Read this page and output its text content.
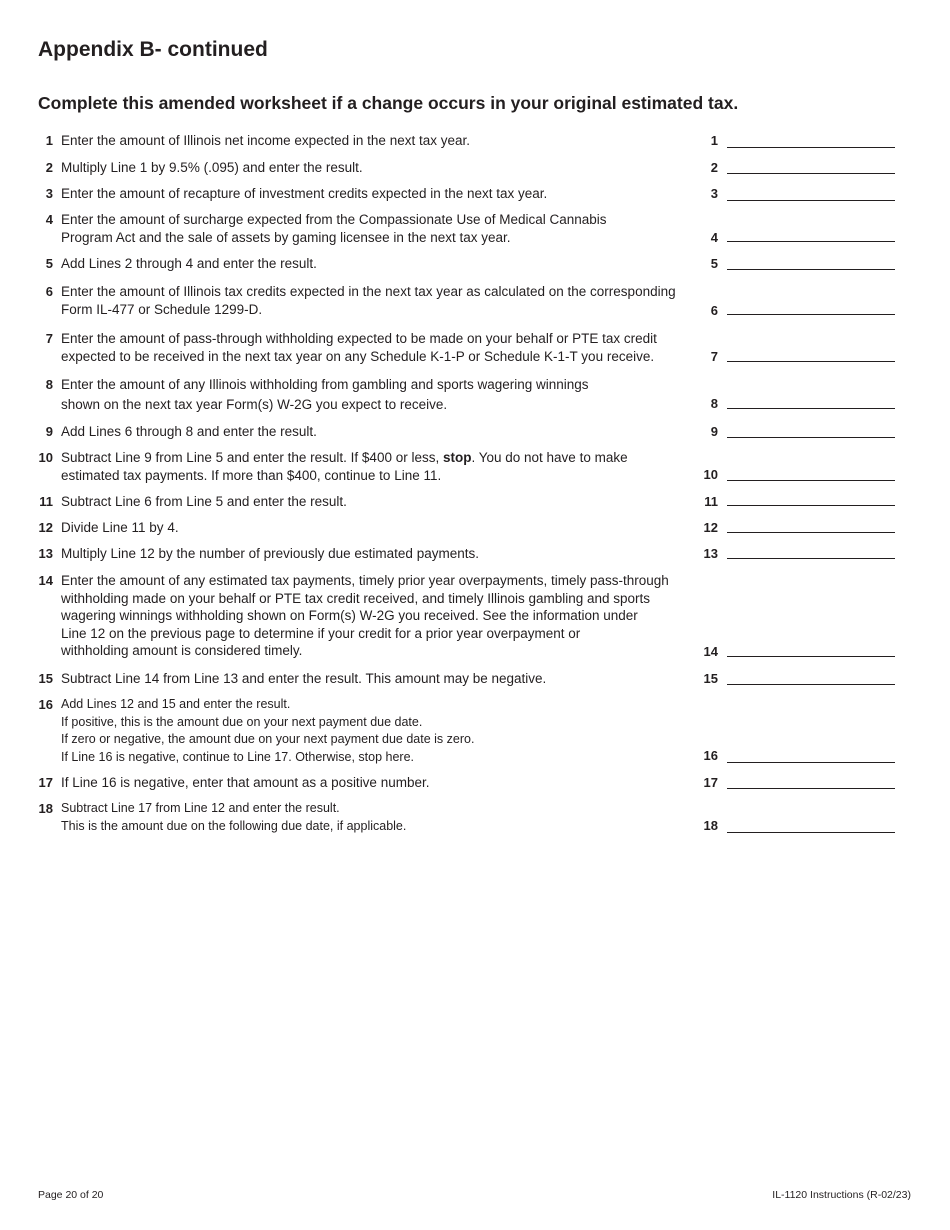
Appendix B- continued
Complete this amended worksheet if a change occurs in your original estimated tax.
1 Enter the amount of Illinois net income expected in the next tax year.	1
2 Multiply Line 1 by 9.5% (.095) and enter the result.	2
3 Enter the amount of recapture of investment credits expected in the next tax year.	3
4 Enter the amount of surcharge expected from the Compassionate Use of Medical Cannabis
Program Act and the sale of assets by gaming licensee in the next tax year.	4
5 Add Lines 2 through 4 and enter the result.	5
6 Enter the amount of Illinois tax credits expected in the next tax year as calculated on the corresponding
Form IL-477 or Schedule 1299-D.	6
7 Enter the amount of pass-through withholding expected to be made on your behalf or PTE tax credit
expected to be received in the next tax year on any Schedule K-1-P or Schedule K-1-T you receive.	7
8 Enter the amount of any Illinois withholding from gambling and sports wagering winnings
shown on the next tax year Form(s) W-2G you expect to receive.	8
9 Add Lines 6 through 8 and enter the result.	9
10 Subtract Line 9 from Line 5 and enter the result. If $400 or less, stop. You do not have to make
estimated tax payments. If more than $400, continue to Line 11.	10
11 Subtract Line 6 from Line 5 and enter the result.	11
12 Divide Line 11 by 4.	12
13 Multiply Line 12 by the number of previously due estimated payments.	13
14 Enter the amount of any estimated tax payments, timely prior year overpayments, timely pass-through
withholding made on your behalf or PTE tax credit received, and timely Illinois gambling and sports
wagering winnings withholding shown on Form(s) W-2G you received. See the information under
Line 12 on the previous page to determine if your credit for a prior year overpayment or
withholding amount is considered timely.	14
15 Subtract Line 14 from Line 13 and enter the result. This amount may be negative.	15
16 Add Lines 12 and 15 and enter the result.
If positive, this is the amount due on your next payment due date.
If zero or negative, the amount due on your next payment due date is zero.
If Line 16 is negative, continue to Line 17. Otherwise, stop here.	16
17 If Line 16 is negative, enter that amount as a positive number.	17
18 Subtract Line 17 from Line 12 and enter the result.
This is the amount due on the following due date, if applicable.	18
Page 20 of 20	IL-1120 Instructions (R-02/23)
